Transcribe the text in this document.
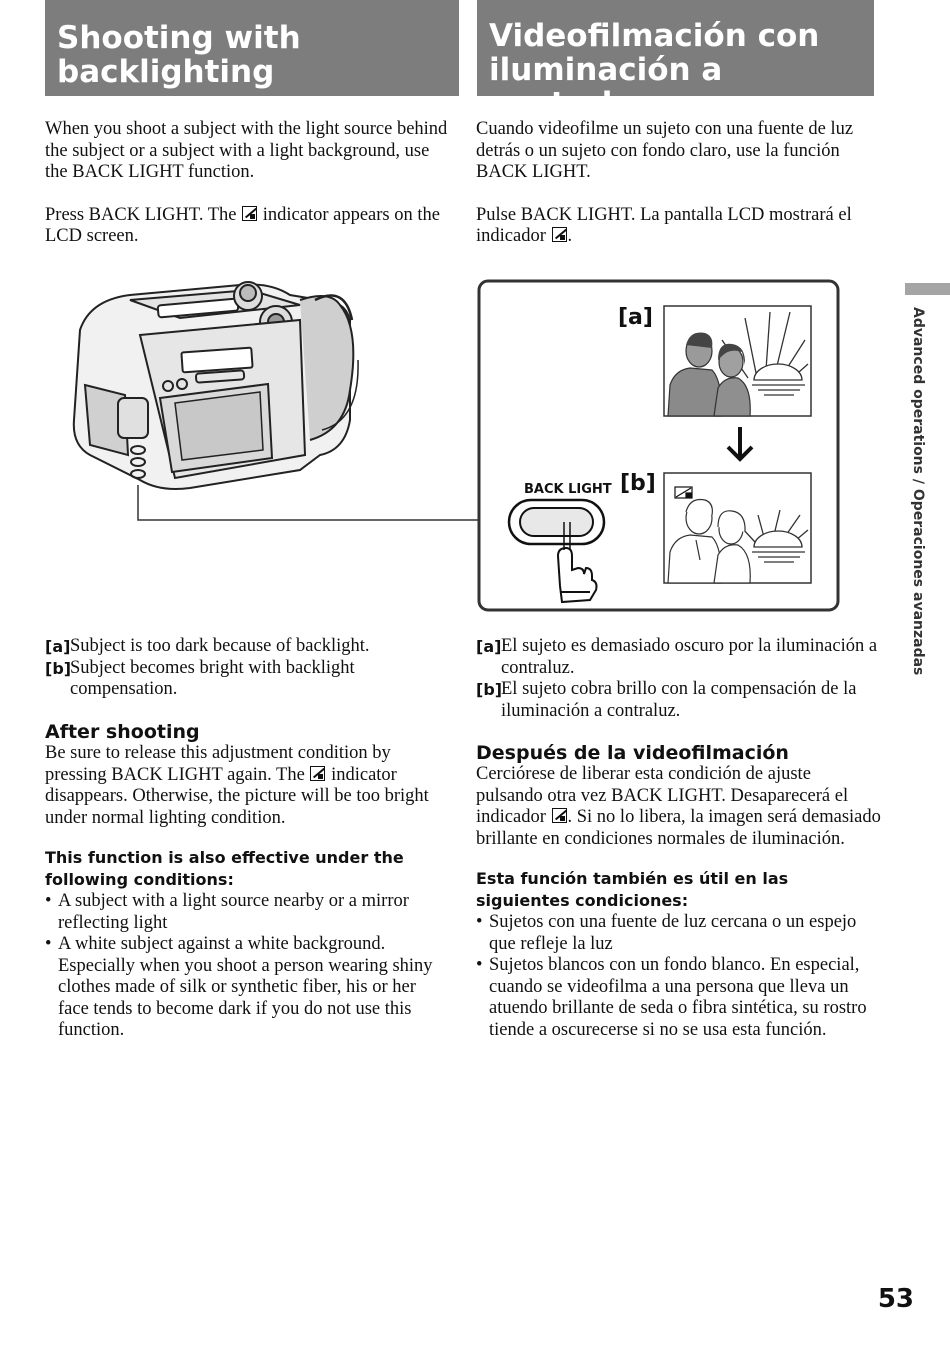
Shooting with backlighting
Videofilmación con iluminación a contraluz

When you shoot a subject with the light source behind the subject or a subject with a light background, use the BACK LIGHT function.

Press BACK LIGHT. The indicator appears on the LCD screen.

Cuando videofilme un sujeto con una fuente de luz detrás o un sujeto con fondo claro, use la función BACK LIGHT.

Pulse BACK LIGHT. La pantalla LCD mostrará el indicador .

[a]
[b]
BACK LIGHT
[a] Subject is too dark because of backlight.
[b]
Subject becomes bright with backlight compensation.
[a] El sujeto es demasiado oscuro por la iluminación a contraluz.
[b]
El sujeto cobra brillo con la compensación de la iluminación a contraluz.
After shooting

Be sure to release this adjustment condition by pressing BACK LIGHT again. The indicator disappears. Otherwise, the picture will be too bright under normal lighting condition.

This function is also effective under the following conditions:
• A subject with a light source nearby or a mirror reflecting light
• A white subject against a white background. Especially when you shoot a person wearing shiny clothes made of silk or synthetic fiber, his or her face tends to become dark if you do not use this function.
Después de la videofilmación

Cerciórese de liberar esta condición de ajuste pulsando otra vez BACK LIGHT. Desaparecerá el indicador . Si no lo libera, la imagen será demasiado brillante en condiciones normales de iluminación.

Esta función también es útil en las siguientes condiciones:
• Sujetos con una fuente de luz cercana o un espejo que refleje la luz
• Sujetos blancos con un fondo blanco. En especial, cuando se videofilma a una persona que lleva un atuendo brillante de seda o fibra sintética, su rostro tiende a oscurecerse si no se usa esta función.
Advanced operations / Operaciones avanzadas
53
